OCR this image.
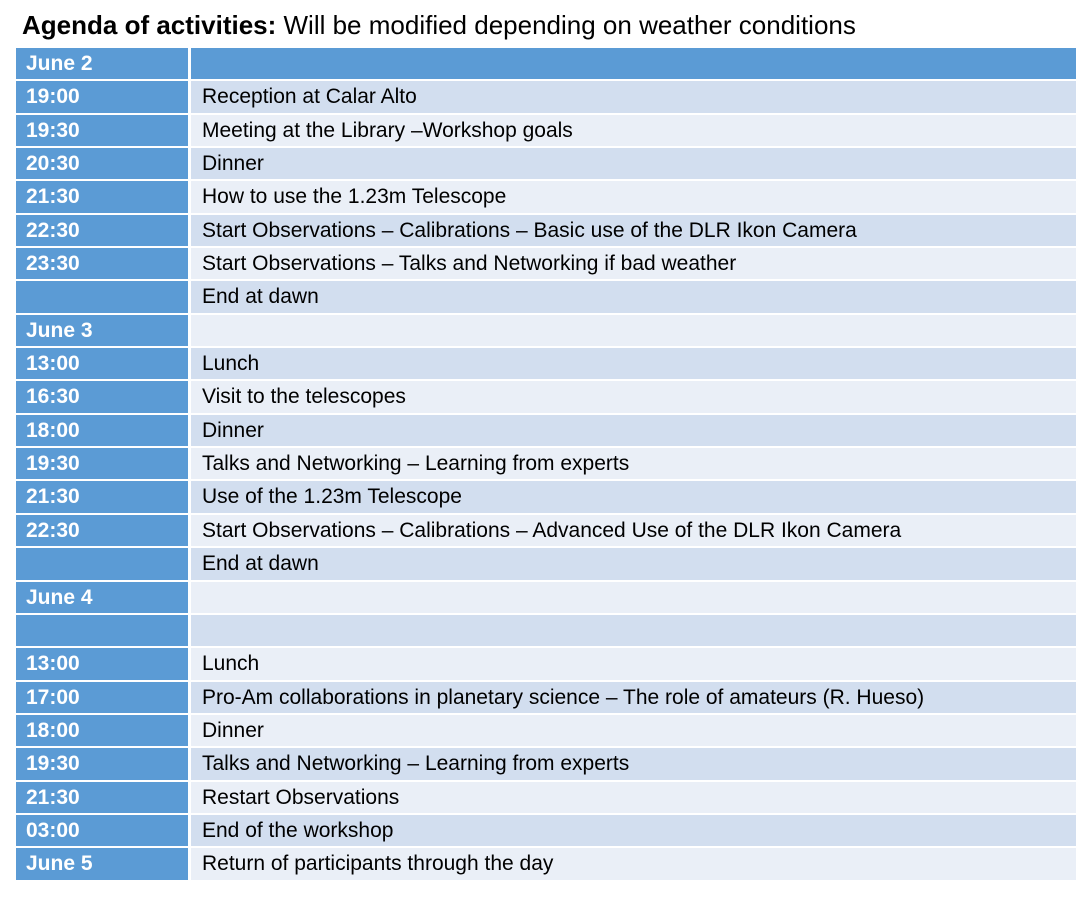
Agenda of activities: Will be modified depending on weather conditions
June 2
19:00	Reception at Calar Alto
19:30	Meeting at the Library –Workshop goals
20:30	Dinner
21:30	How to use the 1.23m Telescope
22:30	Start Observations – Calibrations – Basic use of the DLR Ikon Camera
23:30	Start Observations – Talks and Networking if bad weather
End at dawn
June 3
13:00	Lunch
16:30	Visit to the telescopes
18:00	Dinner
19:30	Talks and Networking – Learning from experts
21:30	Use of the 1.23m Telescope
22:30	Start Observations – Calibrations – Advanced Use of the DLR Ikon Camera
End at dawn
June 4
13:00	Lunch
17:00	Pro-Am collaborations in planetary science – The role of amateurs (R. Hueso)
18:00	Dinner
19:30	Talks and Networking – Learning from experts
21:30	Restart Observations
03:00	End of the workshop
June 5	Return of participants through the day
